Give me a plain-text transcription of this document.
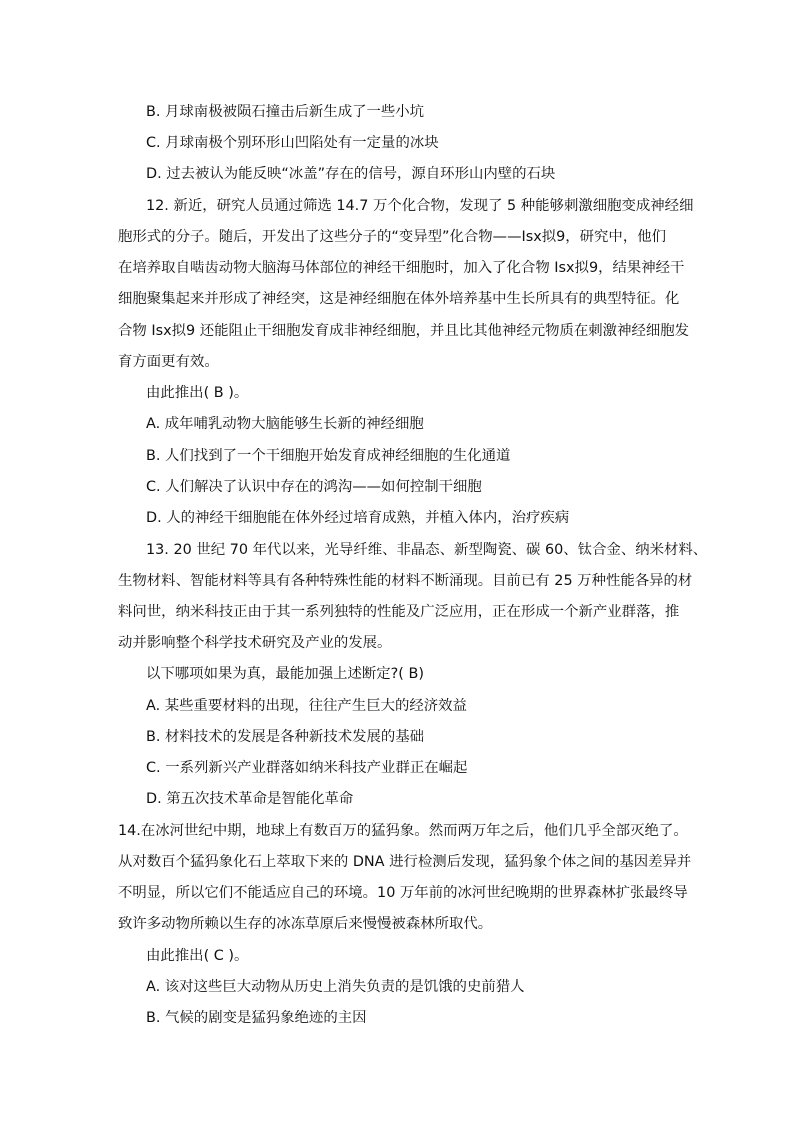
B. 月球南极被陨石撞击后新生成了一些小坑
C. 月球南极个别环形山凹陷处有一定量的冰块
D. 过去被认为能反映“冰盖”存在的信号，源自环形山内壁的石块
12. 新近，研究人员通过筛选 14.7 万个化合物，发现了 5 种能够刺激细胞变成神经细
胞形式的分子。随后，开发出了这些分子的“变异型”化合物——Isx拟9，研究中，他们
在培养取自啮齿动物大脑海马体部位的神经干细胞时，加入了化合物 Isx拟9，结果神经干
细胞聚集起来并形成了神经突，这是神经细胞在体外培养基中生长所具有的典型特征。化
合物 Isx拟9 还能阻止干细胞发育成非神经细胞，并且比其他神经元物质在刺激神经细胞发
育方面更有效。
由此推出( B )。
A. 成年哺乳动物大脑能够生长新的神经细胞
B. 人们找到了一个干细胞开始发育成神经细胞的生化通道
C. 人们解决了认识中存在的鸿沟——如何控制干细胞
D. 人的神经干细胞能在体外经过培育成熟，并植入体内，治疗疾病
13. 20 世纪 70 年代以来，光导纤维、非晶态、新型陶瓷、碳 60、钛合金、纳米材料、
生物材料、智能材料等具有各种特殊性能的材料不断涌现。目前已有 25 万种性能各异的材
料问世，纳米科技正由于其一系列独特的性能及广泛应用，正在形成一个新产业群落，推
动并影响整个科学技术研究及产业的发展。
以下哪项如果为真，最能加强上述断定?( B)
A. 某些重要材料的出现，往往产生巨大的经济效益
B. 材料技术的发展是各种新技术发展的基础
C. 一系列新兴产业群落如纳米科技产业群正在崛起
D. 第五次技术革命是智能化革命
14.在冰河世纪中期，地球上有数百万的猛犸象。然而两万年之后，他们几乎全部灭绝了。
从对数百个猛犸象化石上萃取下来的 DNA 进行检测后发现，猛犸象个体之间的基因差异并
不明显，所以它们不能适应自己的环境。10 万年前的冰河世纪晚期的世界森林扩张最终导
致许多动物所赖以生存的冰冻草原后来慢慢被森林所取代。
由此推出( C )。
A. 该对这些巨大动物从历史上消失负责的是饥饿的史前猎人
B. 气候的剧变是猛犸象绝迹的主因
